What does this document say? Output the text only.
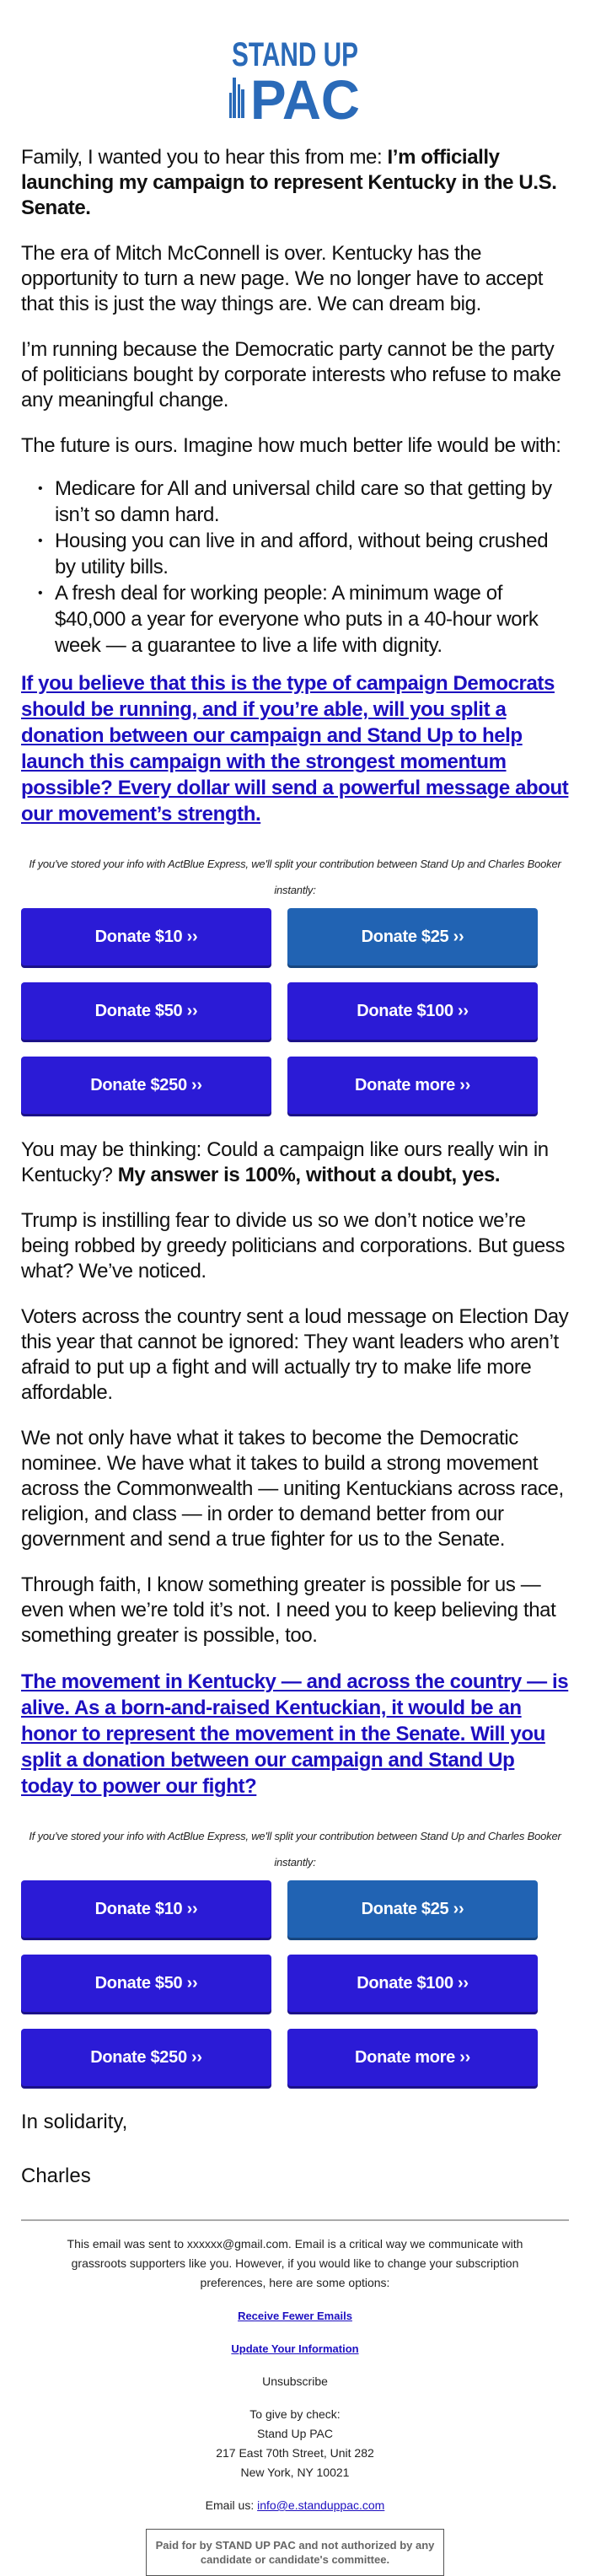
STAND UP
PAC

Family, I wanted you to hear this from me: I’m officially launching my campaign to represent Kentucky in the U.S. Senate.

The era of Mitch McConnell is over. Kentucky has the opportunity to turn a new page. We no longer have to accept that this is just the way things are. We can dream big.

I’m running because the Democratic party cannot be the party of politicians bought by corporate interests who refuse to make any meaningful change.

The future is ours. Imagine how much better life would be with:

• Medicare for All and universal child care so that getting by isn’t so damn hard.
• Housing you can live in and afford, without being crushed by utility bills.
• A fresh deal for working people: A minimum wage of $40,000 a year for everyone who puts in a 40-hour work week — a guarantee to live a life with dignity.
If you believe that this is the type of campaign Democrats should be running, and if you’re able, will you split a donation between our campaign and Stand Up to help launch this campaign with the strongest momentum possible? Every dollar will send a powerful message about our movement’s strength.

If you've stored your info with ActBlue Express, we'll split your contribution between Stand Up and Charles Booker instantly:

Donate $10 ››	Donate $25 ››
Donate $50 ››	Donate $100 ››
Donate $250 ››	Donate more ››

You may be thinking: Could a campaign like ours really win in Kentucky? My answer is 100%, without a doubt, yes.

Trump is instilling fear to divide us so we don’t notice we’re being robbed by greedy politicians and corporations. But guess what? We’ve noticed.

Voters across the country sent a loud message on Election Day this year that cannot be ignored: They want leaders who aren’t afraid to put up a fight and will actually try to make life more affordable.

We not only have what it takes to become the Democratic nominee. We have what it takes to build a strong movement across the Commonwealth — uniting Kentuckians across race, religion, and class — in order to demand better from our government and send a true fighter for us to the Senate.

Through faith, I know something greater is possible for us — even when we’re told it’s not. I need you to keep believing that something greater is possible, too.

The movement in Kentucky — and across the country — is alive. As a born-and-raised Kentuckian, it would be an honor to represent the movement in the Senate. Will you split a donation between our campaign and Stand Up today to power our fight?

If you've stored your info with ActBlue Express, we'll split your contribution between Stand Up and Charles Booker instantly:

Donate $10 ››	Donate $25 ››
Donate $50 ››	Donate $100 ››
Donate $250 ››	Donate more ››

In solidarity,

Charles

This email was sent to xxxxxx@gmail.com. Email is a critical way we communicate with grassroots supporters like you. However, if you would like to change your subscription preferences, here are some options:

Receive Fewer Emails

Update Your Information

Unsubscribe

To give by check:
Stand Up PAC
217 East 70th Street, Unit 282
New York, NY 10021

Email us: info@e.standuppac.com

Paid for by STAND UP PAC and not authorized by any candidate or candidate's committee.
